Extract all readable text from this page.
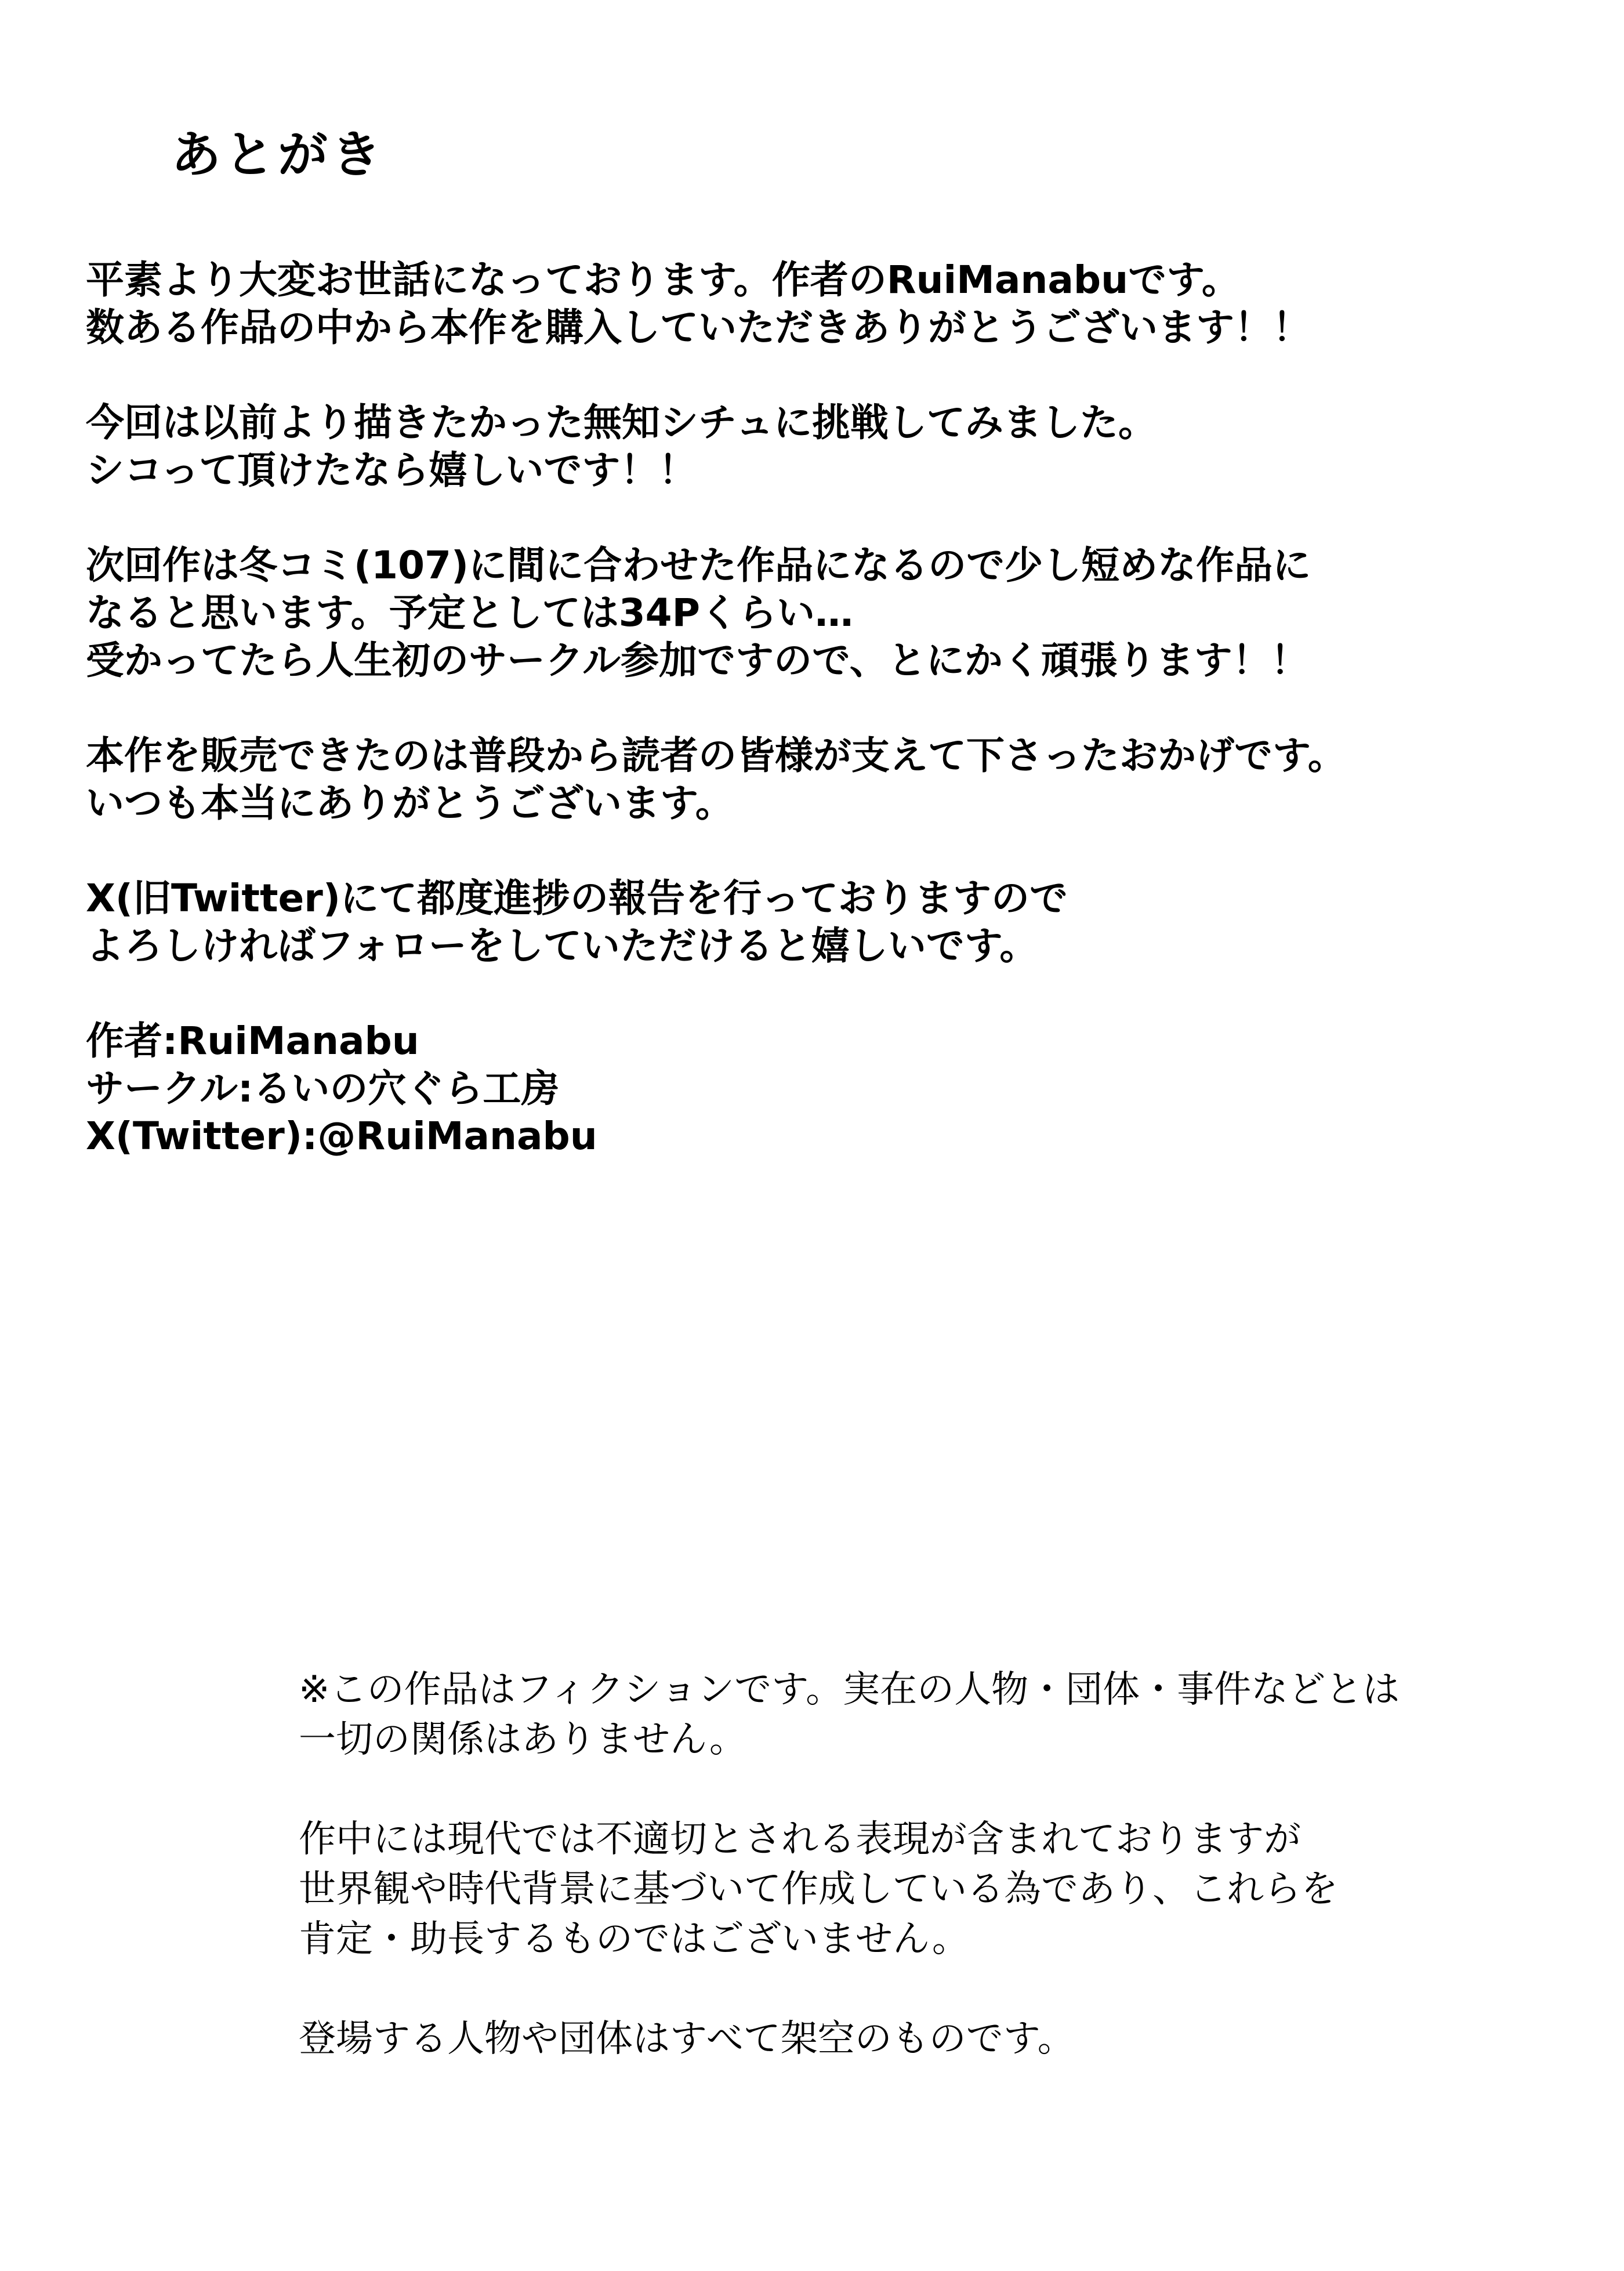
あとがき
平素より大変お世話になっております。作者のRuiManabuです。
数ある作品の中から本作を購入していただきありがとうございます！！
今回は以前より描きたかった無知シチュに挑戦してみました。
シコって頂けたなら嬉しいです！！
次回作は冬コミ(107)に間に合わせた作品になるので少し短めな作品に
なると思います。予定としては34Pくらい…
受かってたら人生初のサークル参加ですので、とにかく頑張ります！！
本作を販売できたのは普段から読者の皆様が支えて下さったおかげです。
いつも本当にありがとうございます。
X(旧Twitter)にて都度進捗の報告を行っておりますので
よろしければフォローをしていただけると嬉しいです。
作者:RuiManabu
サークル:るいの穴ぐら工房
X(Twitter):@RuiManabu
※この作品はフィクションです。実在の人物・団体・事件などとは
一切の関係はありません。
作中には現代では不適切とされる表現が含まれておりますが
世界観や時代背景に基づいて作成している為であり、これらを
肯定・助長するものではございません。
登場する人物や団体はすべて架空のものです。
